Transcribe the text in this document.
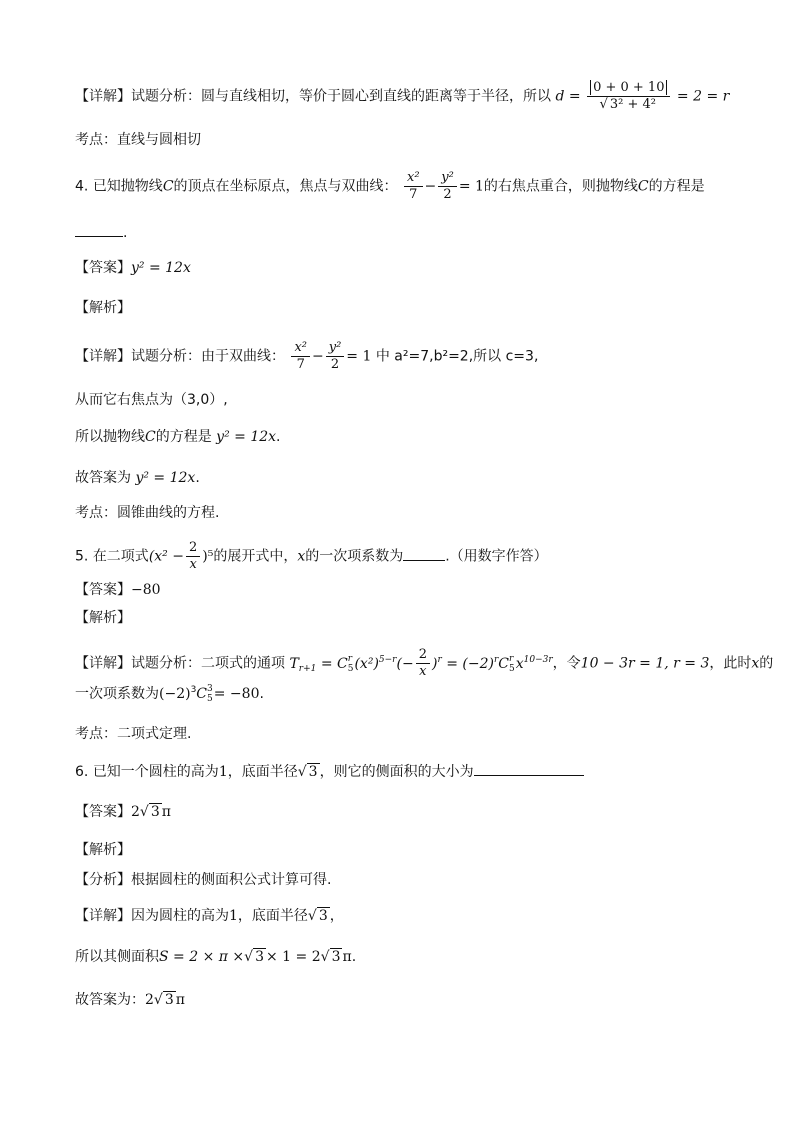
【详解】试题分析：圆与直线相切，等价于圆心到直线的距离等于半径，所以 $d = \frac{0 + 0 + 10}{\text{√ 3² + 4²}} = 2 = r$
考点：直线与圆相切
4. 已知抛物线C的顶点在坐标原点，焦点与双曲线： $\frac{\text{x²}}{7} - \frac{\text{y²}}{2} = 1$的右焦点重合，则抛物线C的方程是
.
【答案】y² = 12x
【解析】
【详解】试题分析：由于双曲线： $\frac{\text{x²}}{7} - \frac{\text{y²}}{2} = 1$ 中 a²=7,b²=2,所以 c=3,
从而它右焦点为（3,0）,
所以抛物线C的方程是 y² = 12x.
故答案为 y² = 12x.
考点：圆锥曲线的方程.
5. 在二项式$(x^2 - \frac{2}{x} )^5$的展开式中，x的一次项系数为	.（用数字作答）
【答案】−80
【解析】
【详解】试题分析：二项式的通项 $T_{r+1} = C$ r
5 $(x^2)^{5-r}(- \frac{2}{x} )^r = (-2)^rC$ r
5 $x^{10-3r}$，令10 − 3r = 1, r = 3，此时x的
一次项系数为$(-2)^3C$ 3
5 = −80.
考点：二项式定理.
6. 已知一个圆柱的高为1，底面半径√ 3 ，则它的侧面积的大小为
【答案】2√ 3 π
【解析】
【分析】根据圆柱的侧面积公式计算可得.
【详解】因为圆柱的高为1，底面半径√ 3 ，
所以其侧面积S = 2 × π ×√ 3 × 1 = 2√ 3 π.
故答案为：2√ 3 π
